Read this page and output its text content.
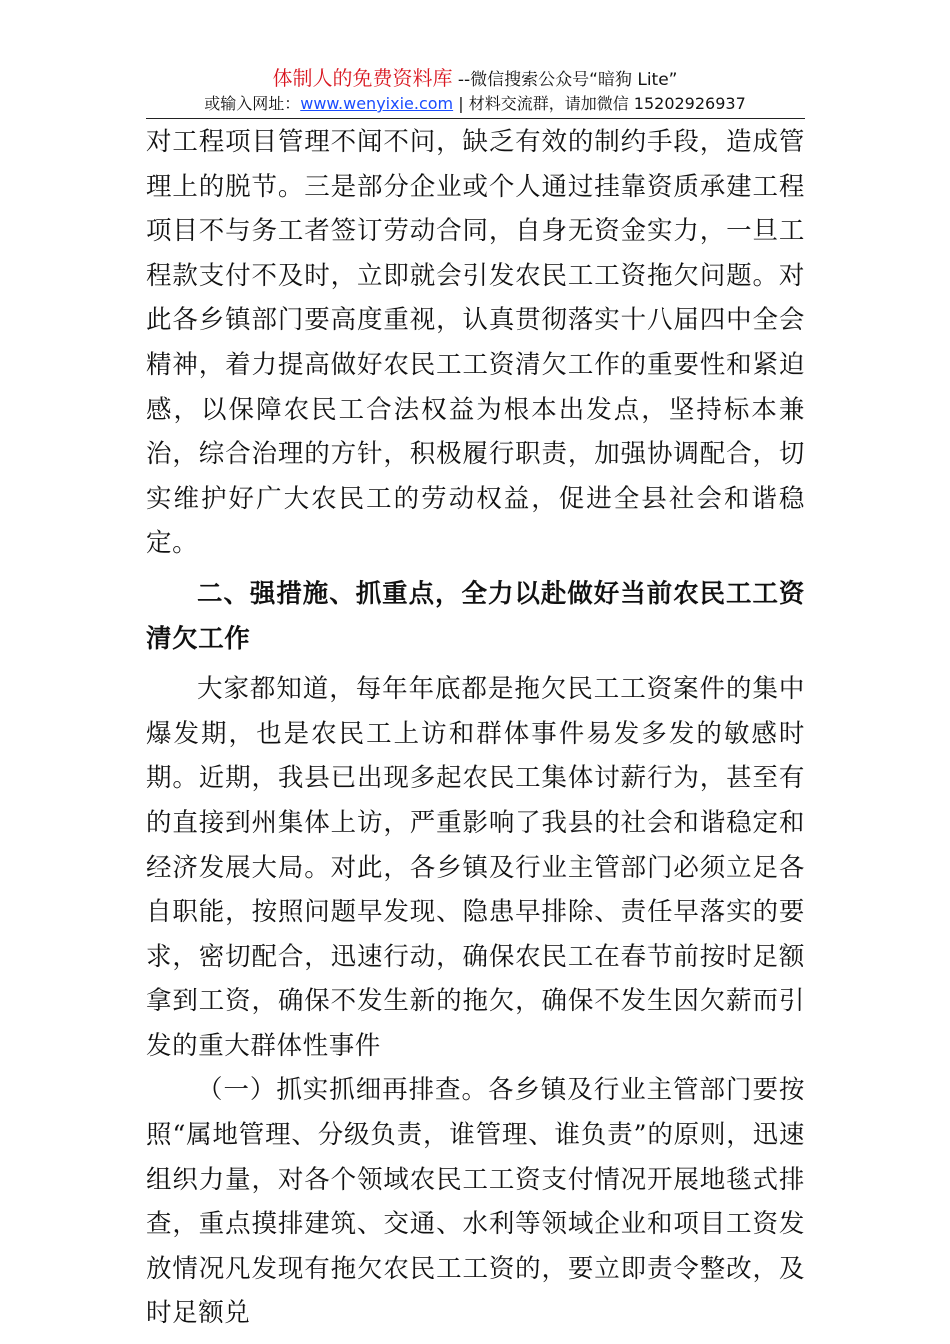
体制人的免费资料库 --微信搜索公众号“暗狗 Lite”
或输入网址：www.wenyixie.com | 材料交流群，请加微信 15202926937

对工程项目管理不闻不问，缺乏有效的制约手段，造成管理上的脱节。三是部分企业或个人通过挂靠资质承建工程项目不与务工者签订劳动合同，自身无资金实力，一旦工程款支付不及时，立即就会引发农民工工资拖欠问题。对此各乡镇部门要高度重视，认真贯彻落实十八届四中全会精神，着力提高做好农民工工资清欠工作的重要性和紧迫感，以保障农民工合法权益为根本出发点，坚持标本兼治，综合治理的方针，积极履行职责，加强协调配合，切实维护好广大农民工的劳动权益，促进全县社会和谐稳定。

二、强措施、抓重点，全力以赴做好当前农民工工资清欠工作

大家都知道，每年年底都是拖欠民工工资案件的集中爆发期，也是农民工上访和群体事件易发多发的敏感时期。近期，我县已出现多起农民工集体讨薪行为，甚至有的直接到州集体上访，严重影响了我县的社会和谐稳定和经济发展大局。对此，各乡镇及行业主管部门必须立足各自职能，按照问题早发现、隐患早排除、责任早落实的要求，密切配合，迅速行动，确保农民工在春节前按时足额拿到工资，确保不发生新的拖欠，确保不发生因欠薪而引发的重大群体性事件

（一）抓实抓细再排查。各乡镇及行业主管部门要按照“属地管理、分级负责，谁管理、谁负责”的原则，迅速组织力量，对各个领域农民工工资支付情况开展地毯式排查，重点摸排建筑、交通、水利等领域企业和项目工资发放情况凡发现有拖欠农民工工资的，要立即责令整改，及时足额兑
